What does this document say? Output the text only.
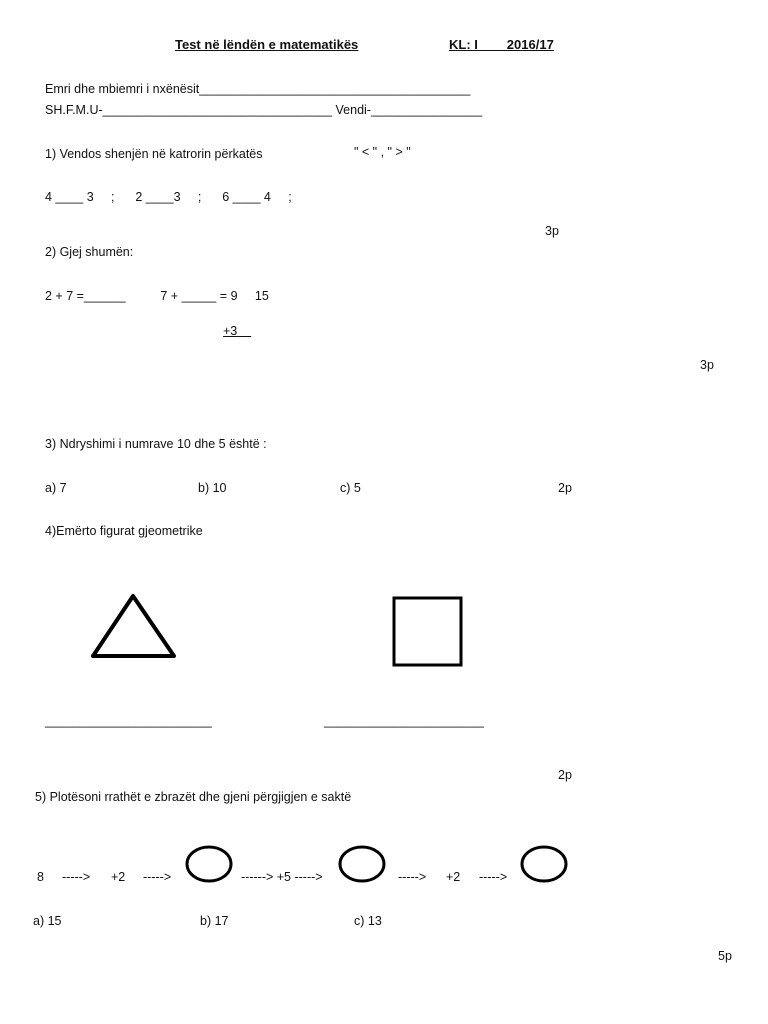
Test në lëndën e matematikës	KL: I____2016/17
Emri dhe mbiemri i nxënësit_______________________________________
SH.F.M.U-_________________________________ Vendi-________________
1) Vendos shenjën në katrorin përkatës	" < " , " > "
4 ____ 3     ;      2 ____3     ;      6 ____ 4     ;
3p
2) Gjej shumën:
2 + 7 =______          7 + _____ = 9     15
+3
3p
3) Ndryshimi i numrave 10 dhe 5 është :
a) 7	b) 10	c) 5	2p
4)Emërto figurat gjeometrike
________________________	_______________________
2p
5) Plotësoni rrathët e zbrazët dhe gjeni përgjigjen e saktë
8 -----> +2 ----->	------> +5 ----->	-----> +2 ----->
a) 15	b) 17	c) 13
5p
